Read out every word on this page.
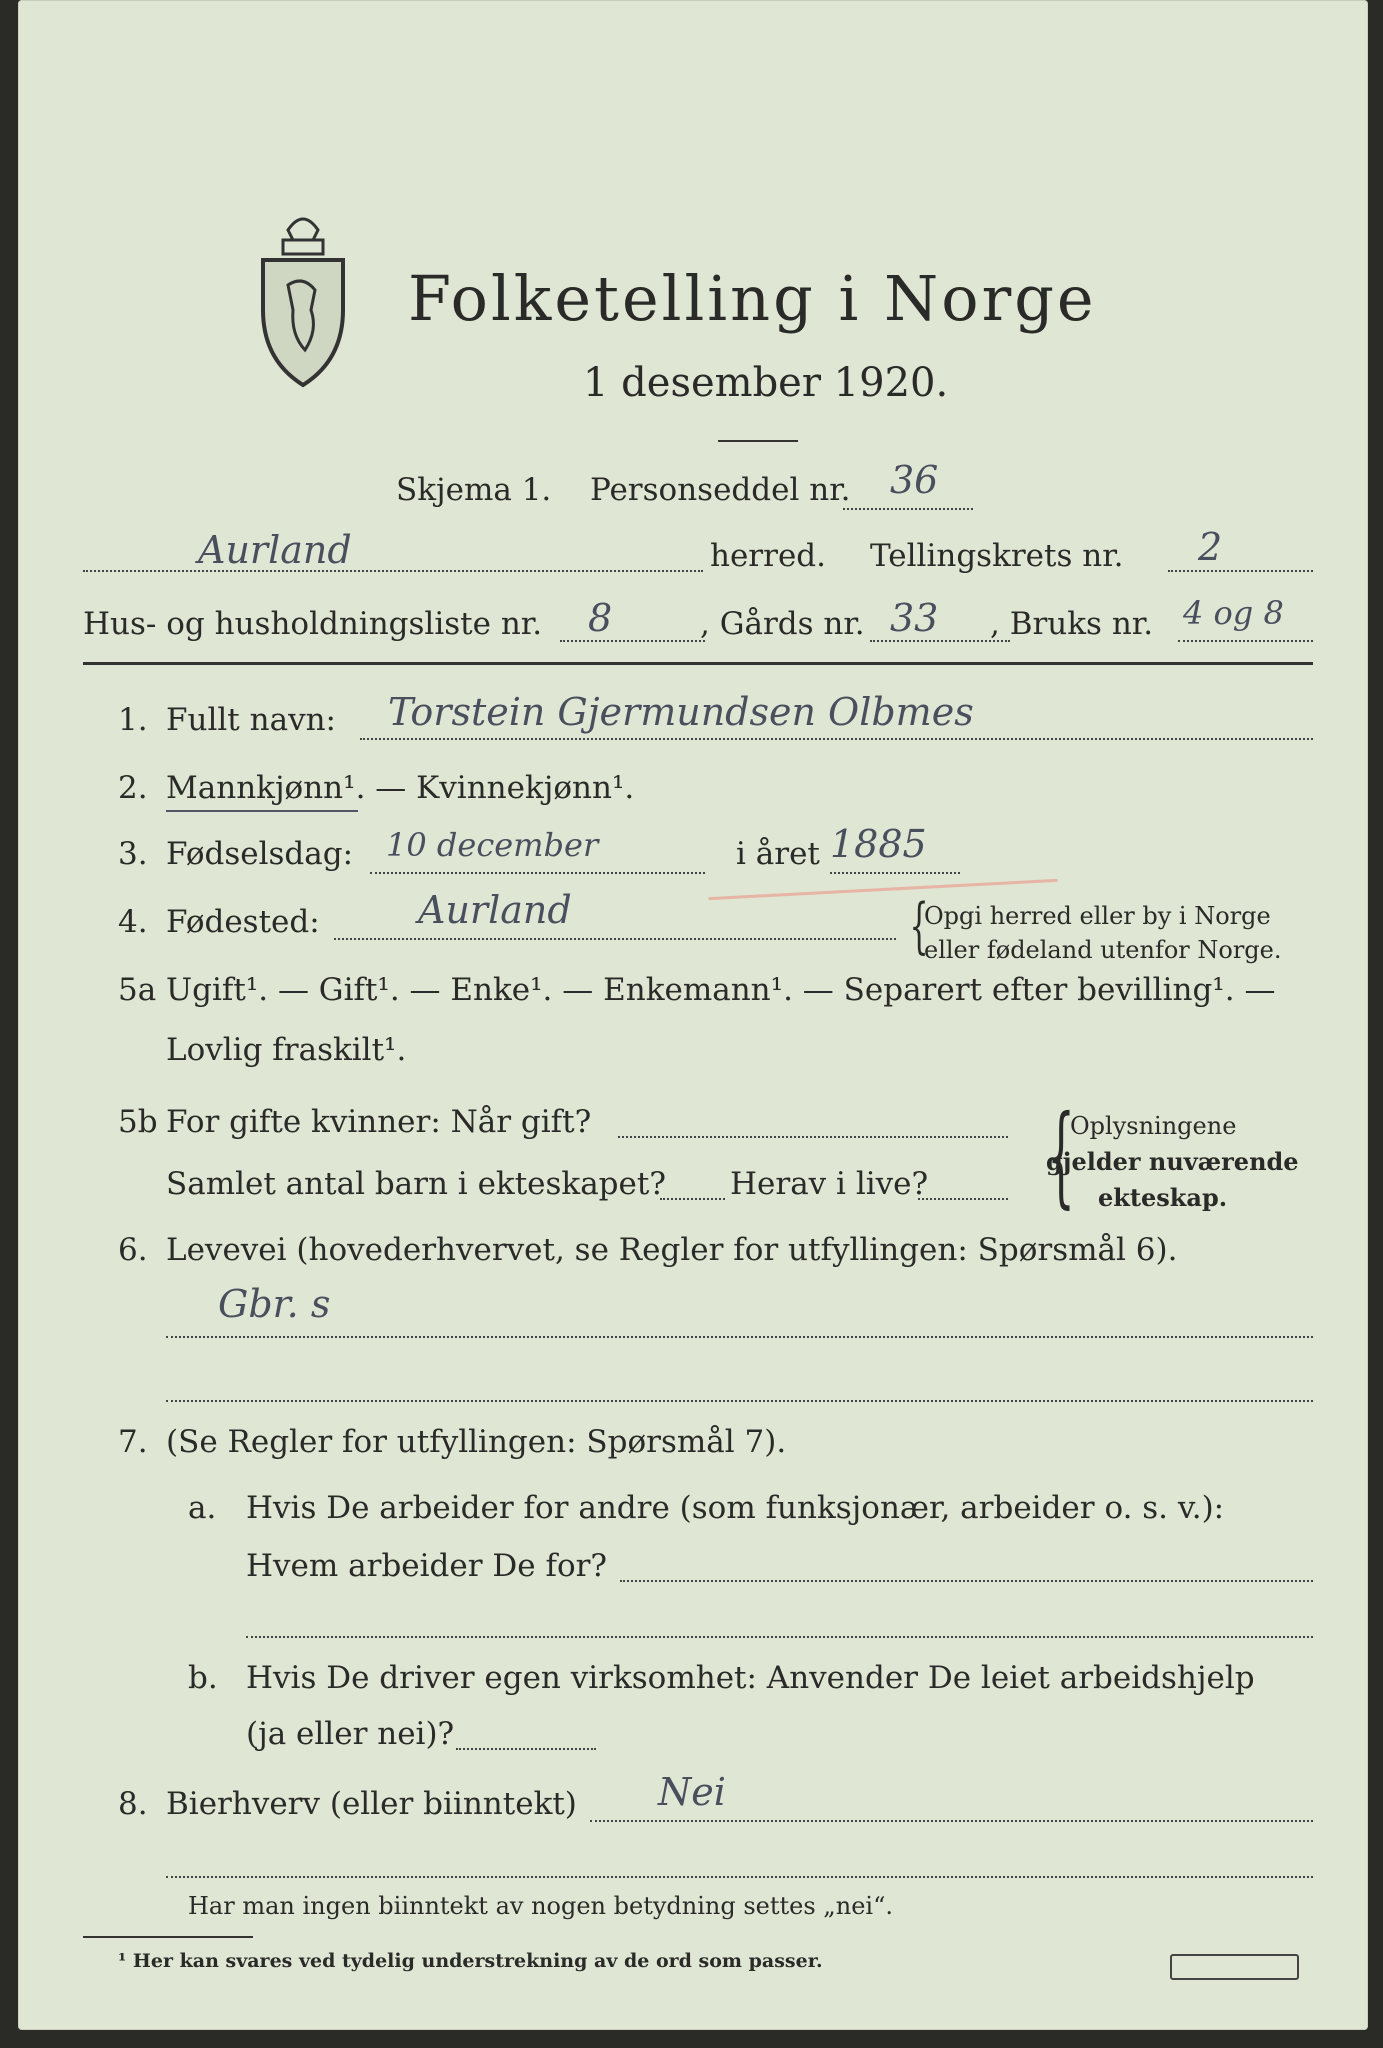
Folketelling i Norge
1 desember 1920.
Skjema 1. Personseddel nr. 36
Aurland	herred. Tellingskrets nr. 2
Hus- og husholdningsliste nr. 8	, Gårds nr. 33 , Bruks nr. 4 og 8
1. Fullt navn: Torstein Gjermundsen Olbmes
2. Mannkjønn¹. — Kvinnekjønn¹.
3. Fødselsdag: 10 december	i året 1885
4. Fødested:	Aurland	{
Opgi herred eller by i Norge
eller fødeland utenfor Norge.
5a Ugift¹. — Gift¹. — Enke¹. — Enkemann¹. — Separert efter bevilling¹. —
Lovlig fraskilt¹.
5b For gifte kvinner: Når gift?
Samlet antal barn i ekteskapet? Herav i live? {
Oplysningene
gjelder nuværende
ekteskap.
6. Levevei (hovederhvervet, se Regler for utfyllingen: Spørsmål 6).
Gbr. s
7. (Se Regler for utfyllingen: Spørsmål 7).
a. Hvis De arbeider for andre (som funksjonær, arbeider o. s. v.):
Hvem arbeider De for?
b. Hvis De driver egen virksomhet: Anvender De leiet arbeidshjelp
(ja eller nei)?
8. Bierhverv (eller biinntekt) Nei
Har man ingen biinntekt av nogen betydning settes „nei“.
¹ Her kan svares ved tydelig understrekning av de ord som passer.
